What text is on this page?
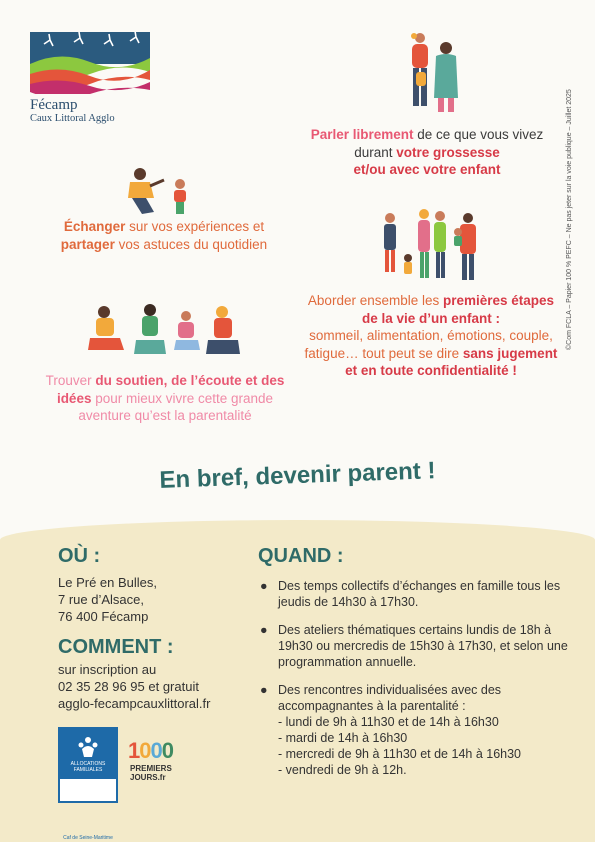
Fécamp
Caux Littoral Agglo	©Com FCLA – Papier 100 % PEFC – Ne pas jeter sur la voie publique – Juillet 2025
Parler librement de ce que vous vivez durant votre grossesse
et/ou avec votre enfant
Échanger sur vos expériences et partager vos astuces du quotidien
Aborder ensemble les premières étapes de la vie d’un enfant :
sommeil, alimentation, émotions, couple, fatigue… tout peut se dire sans jugement
et en toute confidentialité !
Trouver du soutien, de l’écoute et des idées pour mieux vivre cette grande aventure qu’est la parentalité
En bref, devenir parent !
OÙ :
Le Pré en Bulles,
7 rue d’Alsace,
76 400 Fécamp
COMMENT :
sur inscription au
02 35 28 96 95 et gratuit
agglo-fecampcauxlittoral.fr
QUAND :
● Des temps collectifs d’échanges en famille tous les jeudis de 14h30 à 17h30.
● Des ateliers thématiques certains lundis de 18h à 19h30 ou mercredis de 15h30 à 17h30, et selon une programmation annuelle.
● Des rencontres individualisées avec des accompagnantes à la parentalité :
- lundi de 9h à 11h30 et de 14h à 16h30
- mardi de 14h à 16h30
- mercredi de 9h à 11h30 et de 14h à 16h30
- vendredi de 9h à 12h.
ALLOCATIONS FAMILIALES
Caf de Seine-Maritime
1000
PREMIERS
JOURS.fr
